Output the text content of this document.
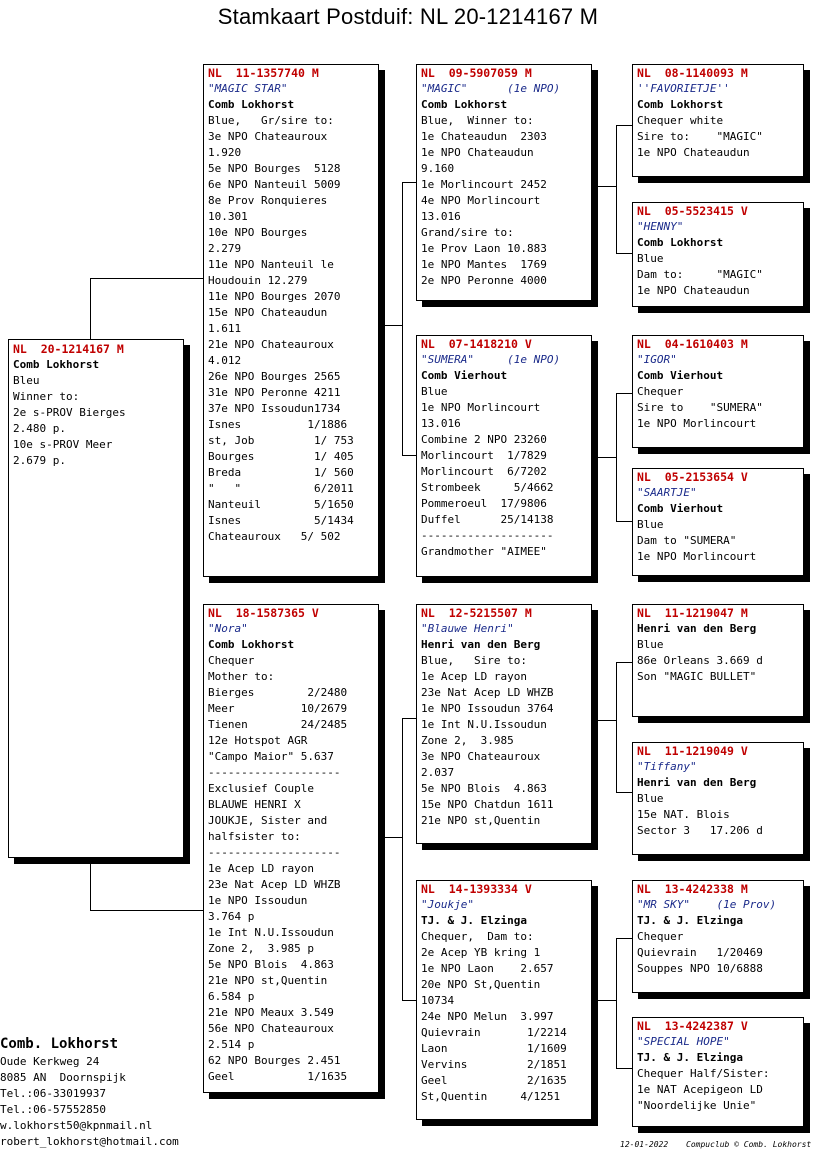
Stamkaart Postduif: NL 20-1214167 M
NL  20-1214167 M
Comb Lokhorst
Bleu
Winner to:
2e s-PROV Bierges
2.480 p.
10e s-PROV Meer
2.679 p.
NL  11-1357740 M
"MAGIC STAR"
Comb Lokhorst
Blue,   Gr/sire to:
3e NPO Chateauroux
1.920
5e NPO Bourges  5128
6e NPO Nanteuil 5009
8e Prov Ronquieres
10.301
10e NPO Bourges
2.279
11e NPO Nanteuil le
Houdouin 12.279
11e NPO Bourges 2070
15e NPO Chateaudun
1.611
21e NPO Chateauroux
4.012
26e NPO Bourges 2565
31e NPO Peronne 4211
37e NPO Issoudun1734
Isnes          1/1886
st, Job         1/ 753
Bourges         1/ 405
Breda           1/ 560
"   "           6/2011
Nanteuil        5/1650
Isnes           5/1434
Chateauroux   5/ 502
NL  18-1587365 V
"Nora"
Comb Lokhorst
Chequer
Mother to:
Bierges        2/2480
Meer          10/2679
Tienen        24/2485
12e Hotspot AGR
"Campo Maior" 5.637
--------------------
Exclusief Couple
BLAUWE HENRI X
JOUKJE, Sister and
halfsister to:
--------------------
1e Acep LD rayon
23e Nat Acep LD WHZB
1e NPO Issoudun
3.764 p
1e Int N.U.Issoudun
Zone 2,  3.985 p
5e NPO Blois  4.863
21e NPO st,Quentin
6.584 p
21e NPO Meaux 3.549
56e NPO Chateauroux
2.514 p
62 NPO Bourges 2.451
Geel           1/1635
NL  09-5907059 M
"MAGIC"      (1e NPO)
Comb Lokhorst
Blue,  Winner to:
1e Chateaudun  2303
1e NPO Chateaudun
9.160
1e Morlincourt 2452
4e NPO Morlincourt
13.016
Grand/sire to:
1e Prov Laon 10.883
1e NPO Mantes  1769
2e NPO Peronne 4000
NL  07-1418210 V
"SUMERA"     (1e NPO)
Comb Vierhout
Blue
1e NPO Morlincourt
13.016
Combine 2 NPO 23260
Morlincourt  1/7829
Morlincourt  6/7202
Strombeek     5/4662
Pommeroeul  17/9806
Duffel      25/14138
--------------------
Grandmother "AIMEE"
NL  12-5215507 M
"Blauwe Henri"
Henri van den Berg
Blue,   Sire to:
1e Acep LD rayon
23e Nat Acep LD WHZB
1e NPO Issoudun 3764
1e Int N.U.Issoudun
Zone 2,  3.985
3e NPO Chateauroux
2.037
5e NPO Blois  4.863
15e NPO Chatdun 1611
21e NPO st,Quentin
NL  14-1393334 V
"Joukje"
TJ. & J. Elzinga
Chequer,  Dam to:
2e Acep YB kring 1
1e NPO Laon    2.657
20e NPO St,Quentin
10734
24e NPO Melun  3.997
Quievrain       1/2214
Laon            1/1609
Vervins         2/1851
Geel            2/1635
St,Quentin     4/1251
NL  08-1140093 M
''FAVORIETJE''
Comb Lokhorst
Chequer white
Sire to:    "MAGIC"
1e NPO Chateaudun
NL  05-5523415 V
"HENNY"
Comb Lokhorst
Blue
Dam to:     "MAGIC"
1e NPO Chateaudun
NL  04-1610403 M
"IGOR"
Comb Vierhout
Chequer
Sire to    "SUMERA"
1e NPO Morlincourt
NL  05-2153654 V
"SAARTJE"
Comb Vierhout
Blue
Dam to "SUMERA"
1e NPO Morlincourt
NL  11-1219047 M
Henri van den Berg
Blue
86e Orleans 3.669 d
Son "MAGIC BULLET"
NL  11-1219049 V
"Tiffany"
Henri van den Berg
Blue
15e NAT. Blois
Sector 3   17.206 d
NL  13-4242338 M
"MR SKY"    (1e Prov)
TJ. & J. Elzinga
Chequer
Quievrain   1/20469
Souppes NPO 10/6888
NL  13-4242387 V
"SPECIAL HOPE"
TJ. & J. Elzinga
Chequer Half/Sister:
1e NAT Acepigeon LD
"Noordelijke Unie"
Comb. Lokhorst
Oude Kerkweg 24
8085 AN  Doornspijk
Tel.:06-33019937
Tel.:06-57552850
w.lokhorst50@kpnmail.nl
robert_lokhorst@hotmail.com	12-01-2022 Compuclub © Comb. Lokhorst
